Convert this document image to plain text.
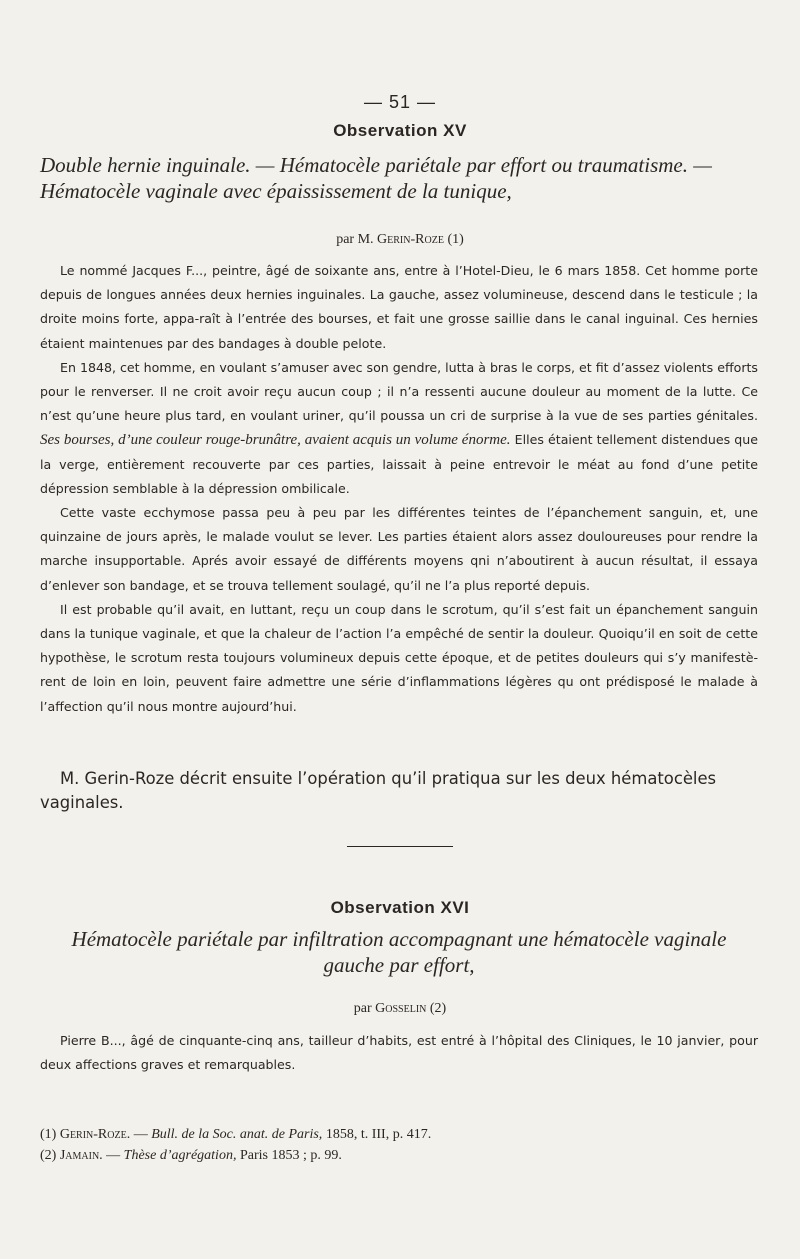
— 51 —
Observation XV
Double hernie inguinale. — Hématocèle pariétale par effort ou traumatisme. — Hématocèle vaginale avec épaississement de la tunique,
par M. Gerin-Roze (1)

Le nommé Jacques F..., peintre, âgé de soixante ans, entre à l’Hotel-Dieu, le 6 mars 1858. Cet homme porte depuis de longues années deux hernies inguinales. La gauche, assez volumineuse, descend dans le testicule ; la droite moins forte, appa-raît à l’entrée des bourses, et fait une grosse saillie dans le canal inguinal. Ces hernies étaient maintenues par des bandages à double pelote.

En 1848, cet homme, en voulant s’amuser avec son gendre, lutta à bras le corps, et fit d’assez violents efforts pour le renverser. Il ne croit avoir reçu aucun coup ; il n’a ressenti aucune douleur au moment de la lutte. Ce n’est qu’une heure plus tard, en voulant uriner, qu’il poussa un cri de surprise à la vue de ses parties génitales. Ses bourses, d’une couleur rouge-brunâtre, avaient acquis un volume énorme. Elles étaient tellement distendues que la verge, entièrement recouverte par ces parties, laissait à peine entrevoir le méat au fond d’une petite dépression semblable à la dépression ombilicale.

Cette vaste ecchymose passa peu à peu par les différentes teintes de l’épanchement sanguin, et, une quinzaine de jours après, le malade voulut se lever. Les parties étaient alors assez douloureuses pour rendre la marche insupportable. Aprés avoir essayé de différents moyens qni n’aboutirent à aucun résultat, il essaya d’enlever son bandage, et se trouva tellement soulagé, qu’il ne l’a plus reporté depuis.

Il est probable qu’il avait, en luttant, reçu un coup dans le scrotum, qu’il s’est fait un épanchement sanguin dans la tunique vaginale, et que la chaleur de l’action l’a empêché de sentir la douleur. Quoiqu’il en soit de cette hypothèse, le scrotum resta toujours volumineux depuis cette époque, et de petites douleurs qui s’y manifestè-rent de loin en loin, peuvent faire admettre une série d’inflammations légères qu ont prédisposé le malade à l’affection qu’il nous montre aujourd’hui.

M. Gerin-Roze décrit ensuite l’opération qu’il pratiqua sur les deux hématocèles vaginales.

Observation XVI
Hématocèle pariétale par infiltration accompagnant une hématocèle vaginale gauche par effort,
par Gosselin (2)

Pierre B..., âgé de cinquante-cinq ans, tailleur d’habits, est entré à l’hôpital des Cliniques, le 10 janvier, pour deux affections graves et remarquables.

(1) Gerin-Roze. — Bull. de la Soc. anat. de Paris, 1858, t. III, p. 417.
(2) Jamain. — Thèse d’agrégation, Paris 1853 ; p. 99.
